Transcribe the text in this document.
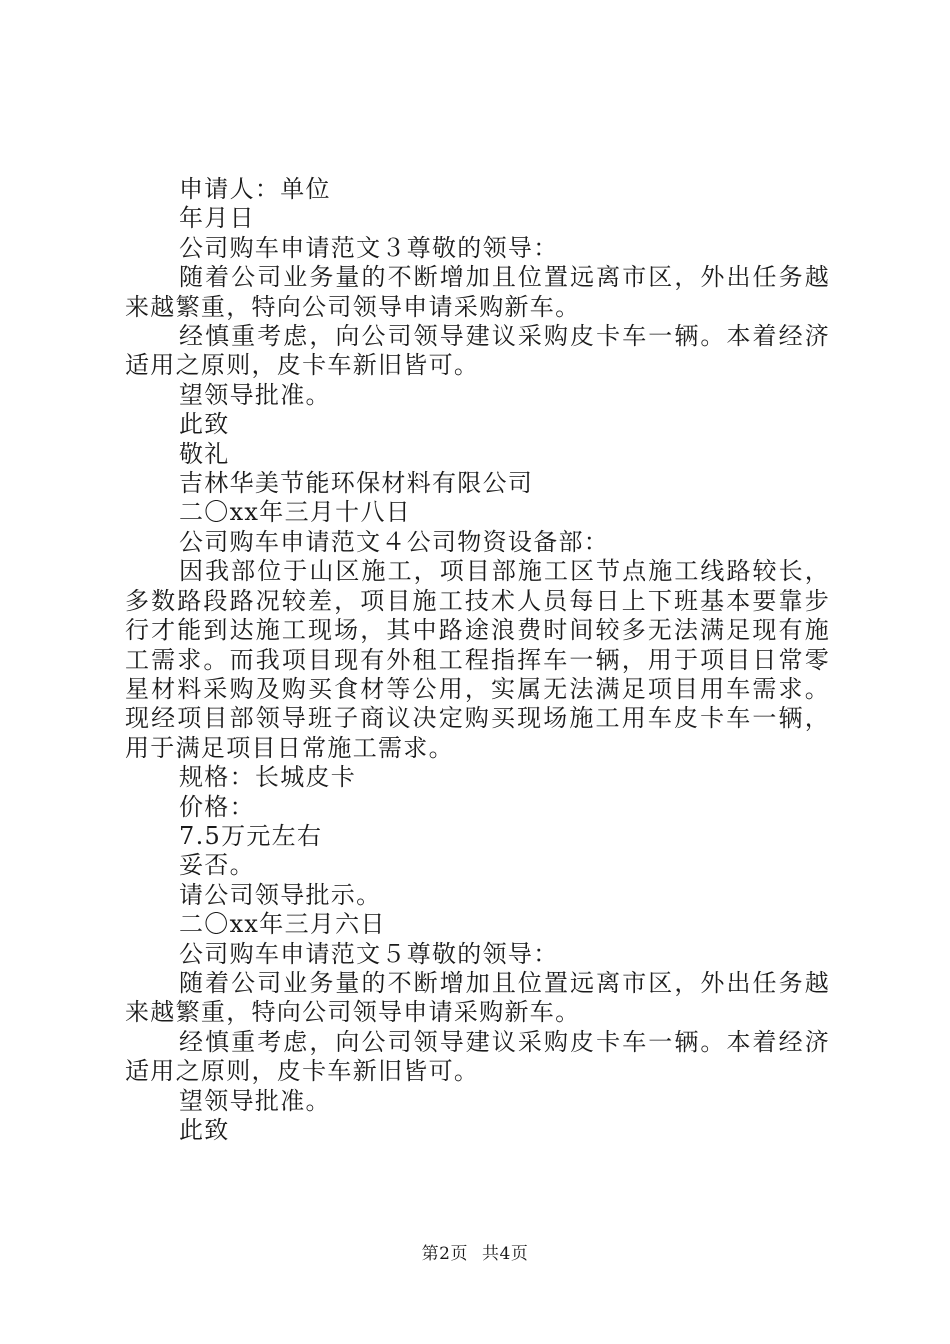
申请人：单位

年月日

公司购车申请范文３尊敬的领导：

随着公司业务量的不断增加且位置远离市区，外出任务越来越繁重，特向公司领导申请采购新车。

经慎重考虑，向公司领导建议采购皮卡车一辆。本着经济适用之原则，皮卡车新旧皆可。

望领导批准。

此致

敬礼

吉林华美节能环保材料有限公司

二〇xx年三月十八日

公司购车申请范文４公司物资设备部：

因我部位于山区施工，项目部施工区节点施工线路较长，多数路段路况较差，项目施工技术人员每日上下班基本要靠步行才能到达施工现场，其中路途浪费时间较多无法满足现有施工需求。而我项目现有外租工程指挥车一辆，用于项目日常零星材料采购及购买食材等公用，实属无法满足项目用车需求。现经项目部领导班子商议决定购买现场施工用车皮卡车一辆，用于满足项目日常施工需求。

规格：长城皮卡

价格：

7.5万元左右

妥否。

请公司领导批示。

二〇xx年三月六日

公司购车申请范文５尊敬的领导：

随着公司业务量的不断增加且位置远离市区，外出任务越来越繁重，特向公司领导申请采购新车。

经慎重考虑，向公司领导建议采购皮卡车一辆。本着经济适用之原则，皮卡车新旧皆可。

望领导批准。

此致

第2页 共4页
